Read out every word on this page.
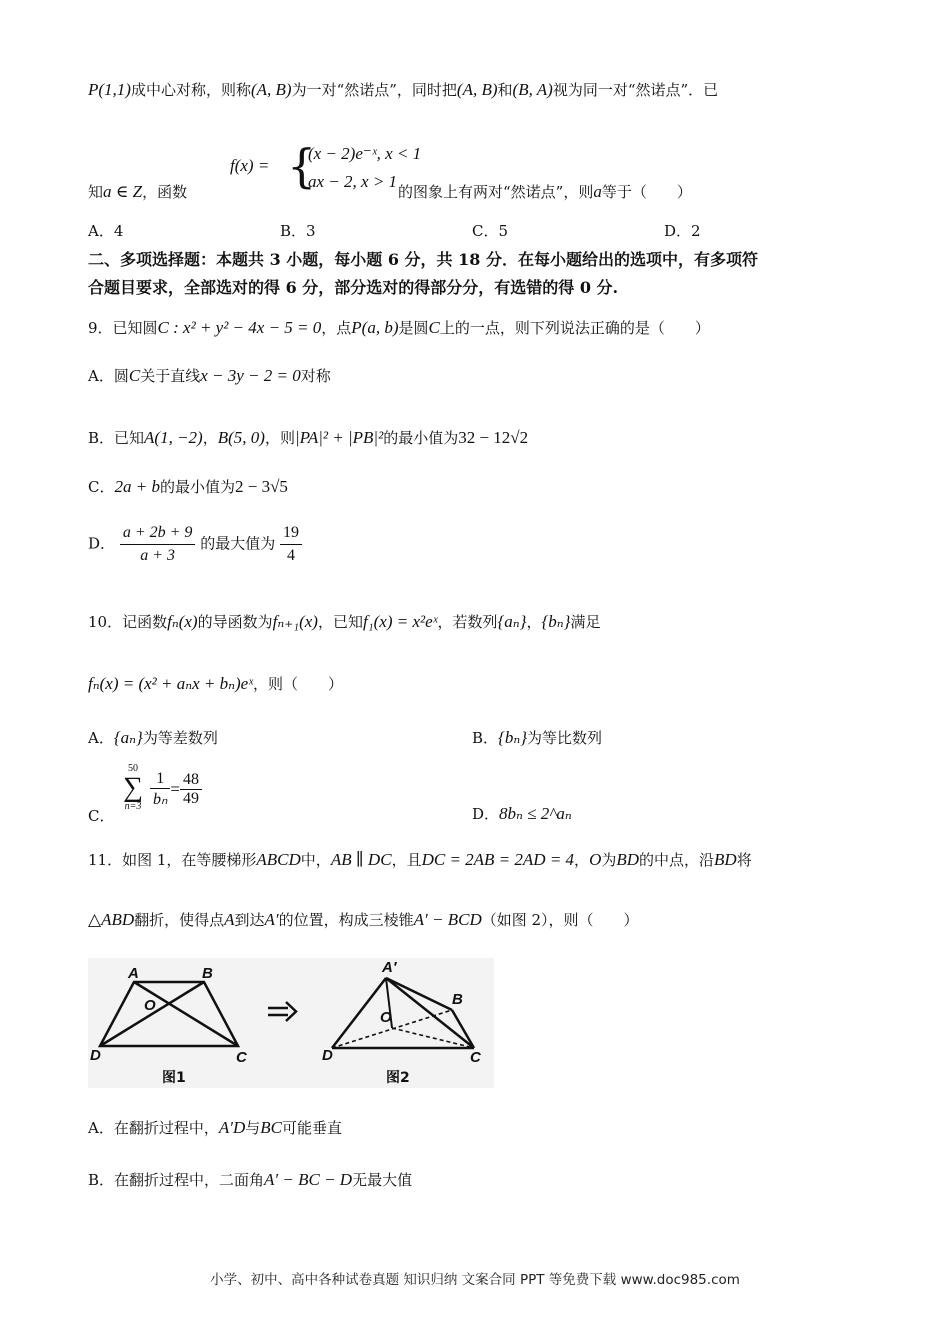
P(1,1)成中心对称，则称(A, B)为一对“然诺点”，同时把(A, B)和(B, A)视为同一对“然诺点”．已
知a ∈ Z，函数
f(x) = {
(x − 2)e⁻ˣ, x < 1
ax − 2, x > 1
的图象上有两对“然诺点”，则a等于（　　）
A．4	B．3	C．5	D．2
二、多项选择题：本题共 3 小题，每小题 6 分，共 18 分．在每小题给出的选项中，有多项符
合题目要求，全部选对的得 6 分，部分选对的得部分分，有选错的得 0 分.
9．已知圆C : x² + y² − 4x − 5 = 0，点P(a, b)是圆C上的一点，则下列说法正确的是（　　）
A．圆C关于直线x − 3y − 2 = 0对称
B．已知A(1, −2)，B(5, 0)，则|PA|² + |PB|²的最小值为32 − 12√2
C．2a + b的最小值为2 − 3√5
D． $\frac{a + 2b + 9}{a + 3}$ 的最大值为 $\frac{19}{4}$
10．记函数fₙ(x)的导函数为fₙ₊₁(x)，已知f₁(x) = x²eˣ，若数列{aₙ}，{bₙ}满足
fₙ(x) = (x² + aₙx + bₙ)eˣ，则（　　）
A．{aₙ}为等差数列	B．{bₙ}为等比数列
C．
50
∑
$n=3 \frac{1}{\text{bₙ}} = \frac{48}{49}$
D．8bₙ ≤ 2^aₙ
11．如图 1，在等腰梯形ABCD中，AB ∥ DC，且DC = 2AB = 2AD = 4，O为BD的中点，沿BD将
△ABD翻折，使得点A到达A′的位置，构成三棱锥A′ − BCD（如图 2），则（　　）
A	B
O
D	C
图1
A′
B
O
D	C
图2
A．在翻折过程中，A′D与BC可能垂直
B．在翻折过程中，二面角A′ − BC − D无最大值
小学、初中、高中各种试卷真题 知识归纳 文案合同 PPT 等免费下载 www.doc985.com
